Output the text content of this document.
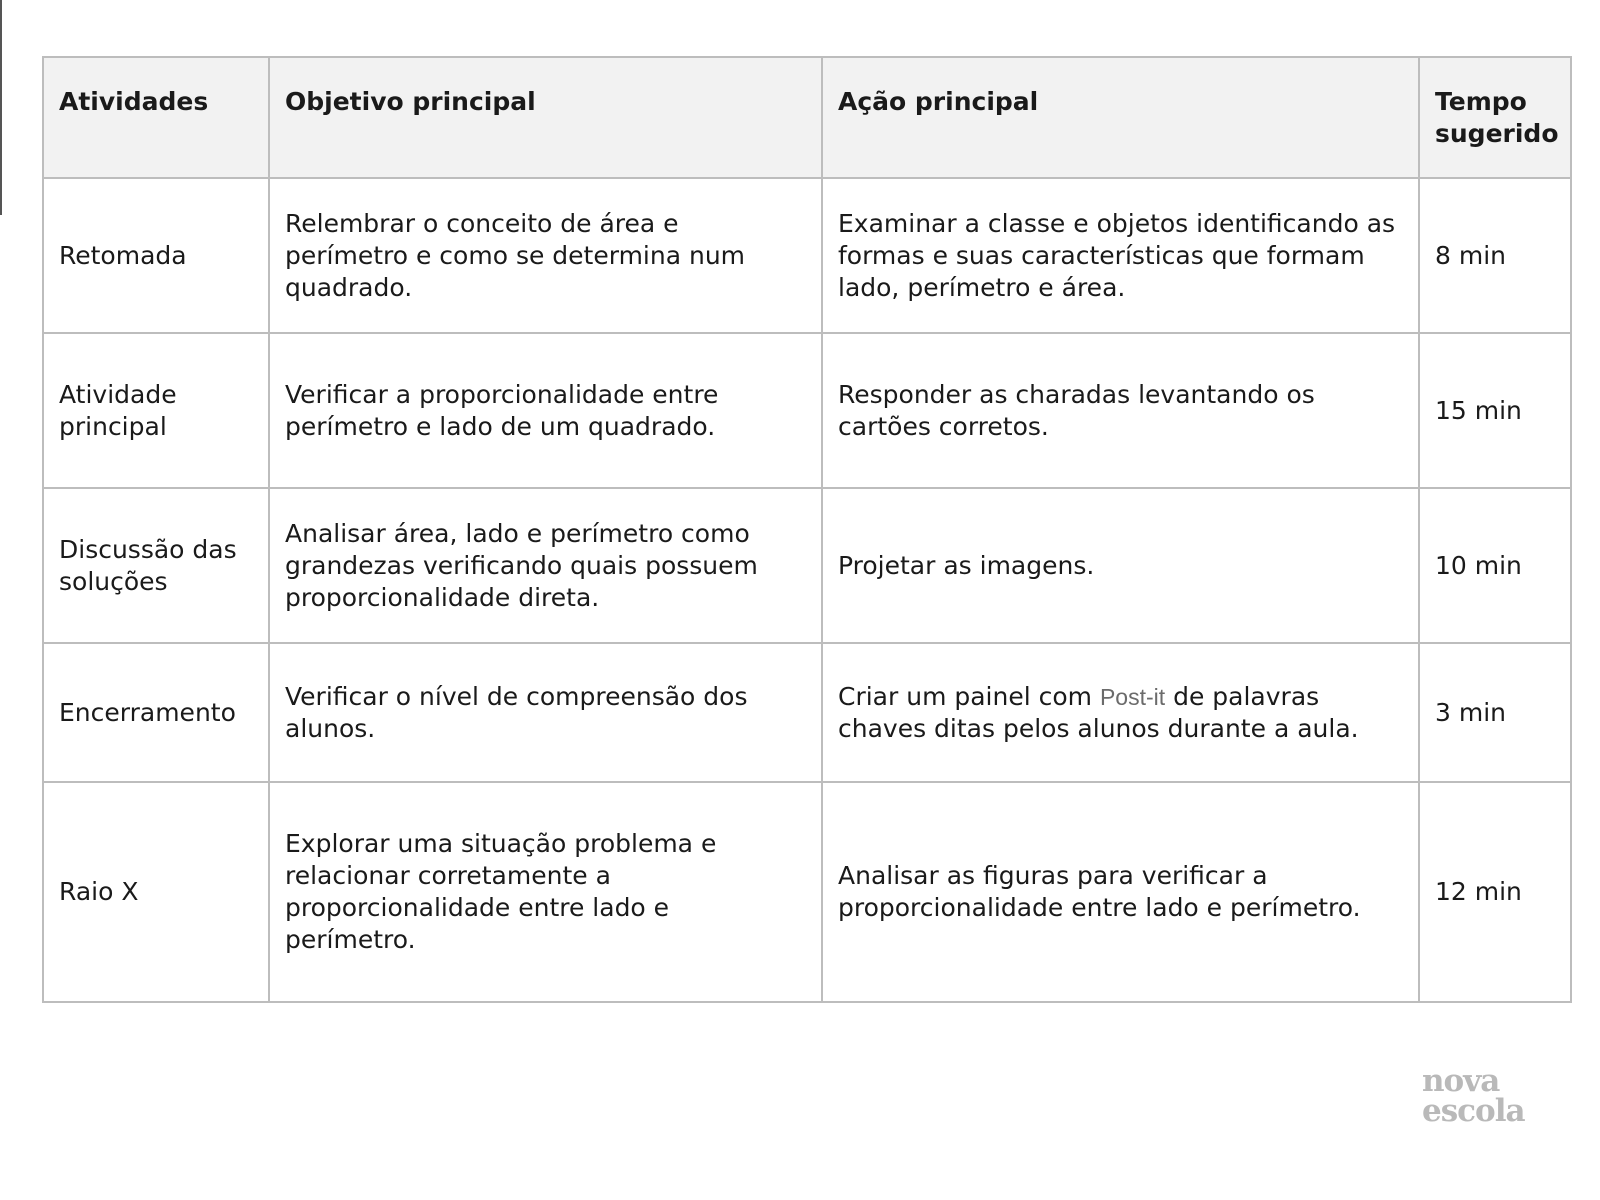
Atividades	Objetivo principal	Ação principal	Tempo sugerido
Retomada	Relembrar o conceito de área e perímetro e como se determina num quadrado.	Examinar a classe e objetos identificando as formas e suas características que formam lado, perímetro e área.	8 min
Atividade principal	Verificar a proporcionalidade entre perímetro e lado de um quadrado.	Responder as charadas levantando os cartões corretos.	15 min
Discussão das soluções	Analisar área, lado e perímetro como grandezas verificando quais possuem proporcionalidade direta.	Projetar as imagens.	10 min
Encerramento	Verificar o nível de compreensão dos alunos.	Criar um painel com Post-it de palavras chaves ditas pelos alunos durante a aula.	3 min
Raio X	Explorar uma situação problema e relacionar corretamente a proporcionalidade entre lado e perímetro.	Analisar as figuras para verificar a proporcionalidade entre lado e perímetro.	12 min
nova
escola
